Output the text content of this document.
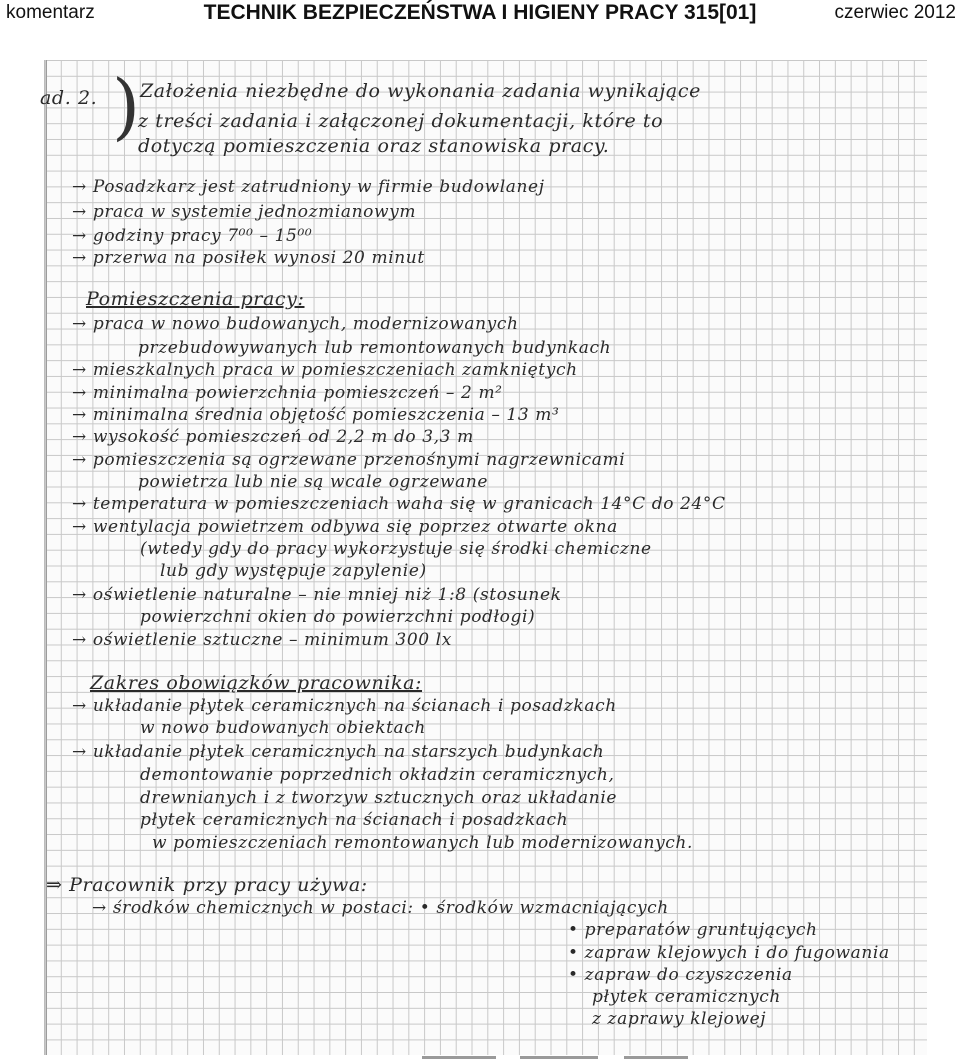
komentarz	TECHNIK BEZPIECZEŃSTWA I HIGIENY PRACY 315[01]	czerwiec 2012
)
ad. 2. Założenia niezbędne do wykonania zadania wynikające
z treści zadania i załączonej dokumentacji, które to
dotyczą pomieszczenia oraz stanowiska pracy.
→ Posadzkarz jest zatrudniony w firmie budowlanej
→ praca w systemie jednozmianowym
→ godziny pracy 7⁰⁰ – 15⁰⁰
→ przerwa na posiłek wynosi 20 minut
Pomieszczenia pracy:
→ praca w nowo budowanych, modernizowanych
przebudowywanych lub remontowanych budynkach
→ mieszkalnych praca w pomieszczeniach zamkniętych
→ minimalna powierzchnia pomieszczeń – 2 m²
→ minimalna średnia objętość pomieszczenia – 13 m³
→ wysokość pomieszczeń od 2,2 m do 3,3 m
→ pomieszczenia są ogrzewane przenośnymi nagrzewnicami
powietrza lub nie są wcale ogrzewane
→ temperatura w pomieszczeniach waha się w granicach 14°C do 24°C
→ wentylacja powietrzem odbywa się poprzez otwarte okna
(wtedy gdy do pracy wykorzystuje się środki chemiczne
lub gdy występuje zapylenie)
→ oświetlenie naturalne – nie mniej niż 1:8 (stosunek
powierzchni okien do powierzchni podłogi)
→ oświetlenie sztuczne – minimum 300 lx
Zakres obowiązków pracownika:
→ układanie płytek ceramicznych na ścianach i posadzkach
w nowo budowanych obiektach
→ układanie płytek ceramicznych na starszych budynkach
demontowanie poprzednich okładzin ceramicznych,
drewnianych i z tworzyw sztucznych oraz układanie
płytek ceramicznych na ścianach i posadzkach
w pomieszczeniach remontowanych lub modernizowanych.
⇒ Pracownik przy pracy używa:
→ środków chemicznych w postaci: • środków wzmacniających
• preparatów gruntujących
• zapraw klejowych i do fugowania
• zapraw do czyszczenia
płytek ceramicznych
z zaprawy klejowej
